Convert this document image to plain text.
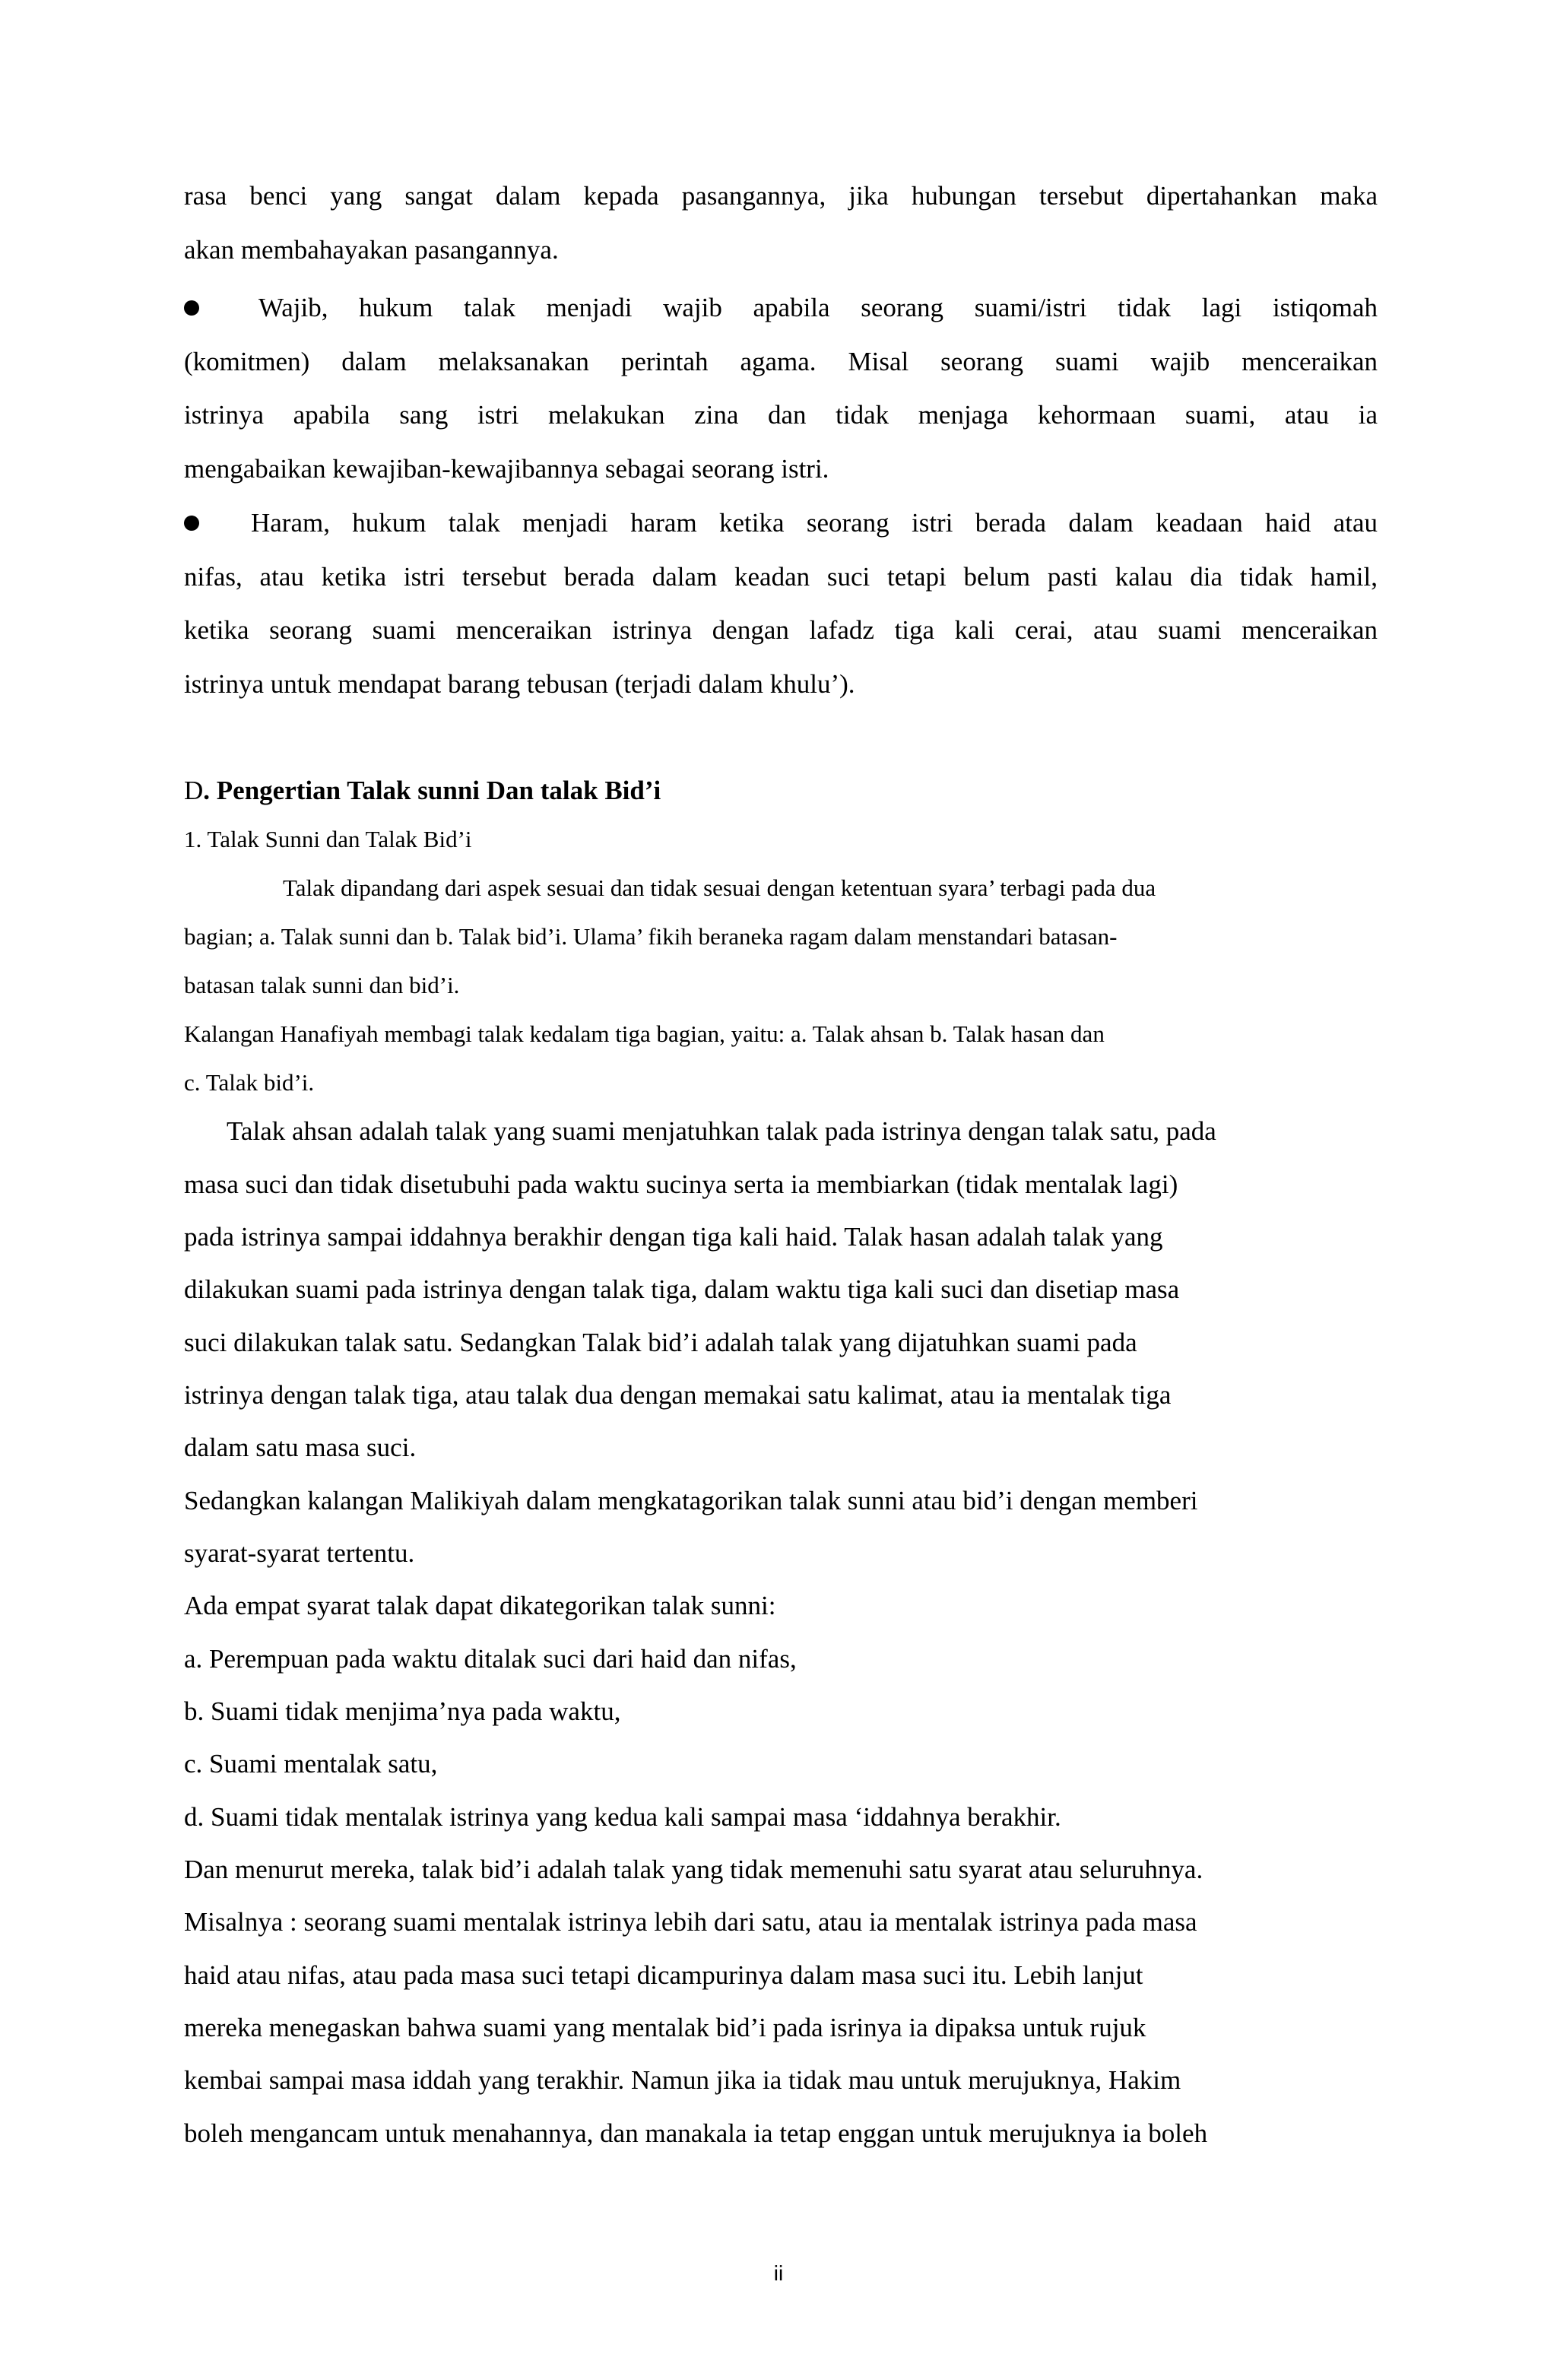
rasa benci yang sangat dalam kepada pasangannya, jika hubungan tersebut dipertahankan maka
akan membahayakan pasangannya.
Wajib, hukum talak menjadi wajib apabila seorang suami/istri tidak lagi istiqomah
(komitmen) dalam melaksanakan perintah agama. Misal seorang suami wajib menceraikan
istrinya apabila sang istri melakukan zina dan tidak menjaga kehormaan suami, atau ia
mengabaikan kewajiban-kewajibannya sebagai seorang istri.
Haram, hukum talak menjadi haram ketika seorang istri berada dalam keadaan haid atau
nifas, atau ketika istri tersebut berada dalam keadan suci tetapi belum pasti kalau dia tidak hamil,
ketika seorang suami menceraikan istrinya dengan lafadz tiga kali cerai, atau suami menceraikan
istrinya untuk mendapat barang tebusan (terjadi dalam khulu’).
D. Pengertian Talak sunni Dan talak Bid’i
1. Talak Sunni dan Talak Bid’i
Talak dipandang dari aspek sesuai dan tidak sesuai dengan ketentuan syara’ terbagi pada dua
bagian; a. Talak sunni dan b. Talak bid’i. Ulama’ fikih beraneka ragam dalam menstandari batasan-
batasan talak sunni dan bid’i.
Kalangan Hanafiyah membagi talak kedalam tiga bagian, yaitu: a. Talak ahsan b. Talak hasan dan
c. Talak bid’i.
Talak ahsan adalah talak yang suami menjatuhkan talak pada istrinya dengan talak satu, pada
masa suci dan tidak disetubuhi pada waktu sucinya serta ia membiarkan (tidak mentalak lagi)
pada istrinya sampai iddahnya berakhir dengan tiga kali haid. Talak hasan adalah talak yang
dilakukan suami pada istrinya dengan talak tiga, dalam waktu tiga kali suci dan disetiap masa
suci dilakukan talak satu. Sedangkan Talak bid’i adalah talak yang dijatuhkan suami pada
istrinya dengan talak tiga, atau talak dua dengan memakai satu kalimat, atau ia mentalak tiga
dalam satu masa suci.
Sedangkan kalangan Malikiyah dalam mengkatagorikan talak sunni atau bid’i dengan memberi
syarat-syarat tertentu.
Ada empat syarat talak dapat dikategorikan talak sunni:
a. Perempuan pada waktu ditalak suci dari haid dan nifas,
b. Suami tidak menjima’nya pada waktu,
c. Suami mentalak satu,
d. Suami tidak mentalak istrinya yang kedua kali sampai masa ‘iddahnya berakhir.
Dan menurut mereka, talak bid’i adalah talak yang tidak memenuhi satu syarat atau seluruhnya.
Misalnya : seorang suami mentalak istrinya lebih dari satu, atau ia mentalak istrinya pada masa
haid atau nifas, atau pada masa suci tetapi dicampurinya dalam masa suci itu. Lebih lanjut
mereka menegaskan bahwa suami yang mentalak bid’i pada isrinya ia dipaksa untuk rujuk
kembai sampai masa iddah yang terakhir. Namun jika ia tidak mau untuk merujuknya, Hakim
boleh mengancam untuk menahannya, dan manakala ia tetap enggan untuk merujuknya ia boleh
ii
